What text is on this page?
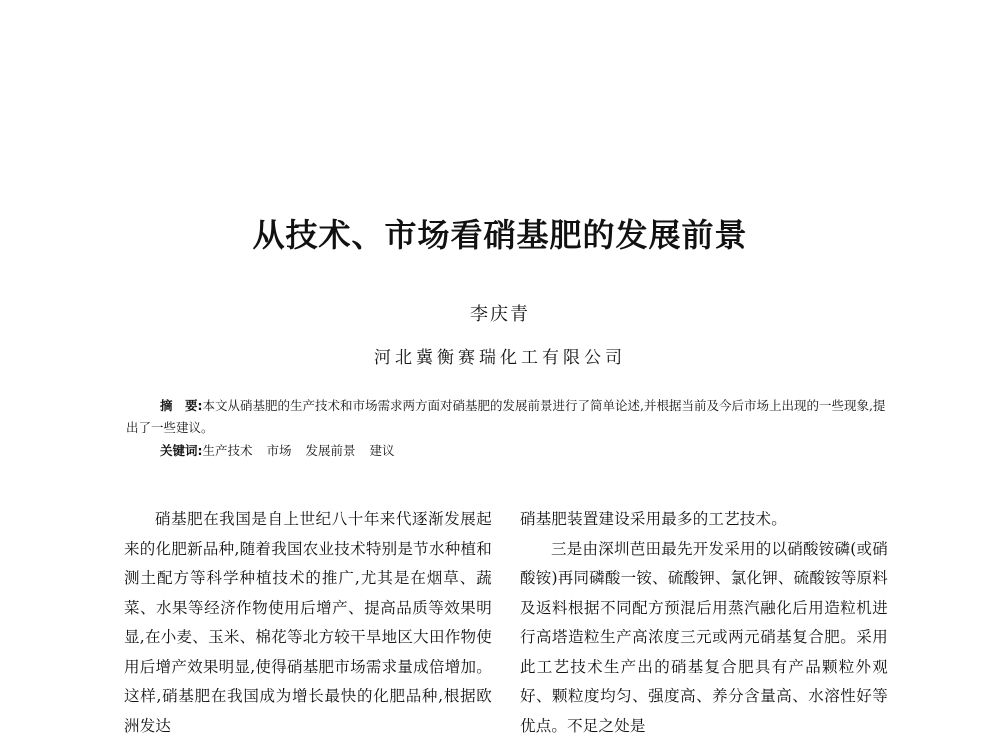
从技术、市场看硝基肥的发展前景
李庆青
河北冀衡赛瑞化工有限公司

摘　要:本文从硝基肥的生产技术和市场需求两方面对硝基肥的发展前景进行了简单论述,并根据当前及今后市场上出现的一些现象,提出了一些建议。

关键词:生产技术 市场 发展前景 建议

硝基肥在我国是自上世纪八十年来代逐渐发展起来的化肥新品种,随着我国农业技术特别是节水种植和测土配方等科学种植技术的推广,尤其是在烟草、蔬菜、水果等经济作物使用后增产、提高品质等效果明显,在小麦、玉米、棉花等北方较干旱地区大田作物使用后增产效果明显,使得硝基肥市场需求量成倍增加。这样,硝基肥在我国成为增长最快的化肥品种,根据欧洲发达

硝基肥装置建设采用最多的工艺技术。

三是由深圳芭田最先开发采用的以硝酸铵磷(或硝酸铵)再同磷酸一铵、硫酸钾、氯化钾、硫酸铵等原料及返料根据不同配方预混后用蒸汽融化后用造粒机进行高塔造粒生产高浓度三元或两元硝基复合肥。采用此工艺技术生产出的硝基复合肥具有产品颗粒外观好、颗粒度均匀、强度高、养分含量高、水溶性好等优点。不足之处是
